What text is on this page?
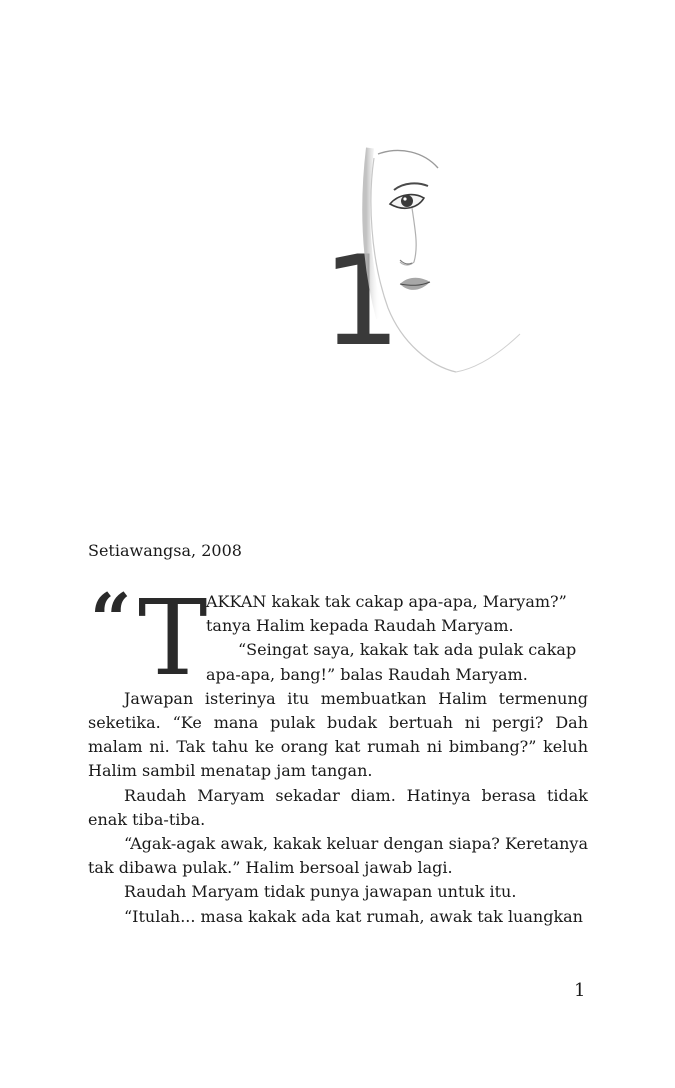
1
Setiawangsa, 2008
“ T

AKKAN kakak tak cakap apa-apa, Maryam?”

tanya Halim kepada Raudah Maryam.

“Seingat saya, kakak tak ada pulak cakap

apa-apa, bang!” balas Raudah Maryam.

Jawapan isterinya itu membuatkan Halim termenung seketika. “Ke mana pulak budak bertuah ni pergi? Dah malam ni. Tak tahu ke orang kat rumah ni bimbang?” keluh Halim sambil menatap jam tangan.

Raudah Maryam sekadar diam. Hatinya berasa tidak enak tiba-tiba.

“Agak-agak awak, kakak keluar dengan siapa? Keretanya tak dibawa pulak.” Halim bersoal jawab lagi.

Raudah Maryam tidak punya jawapan untuk itu.

“Itulah... masa kakak ada kat rumah, awak tak luangkan

1
